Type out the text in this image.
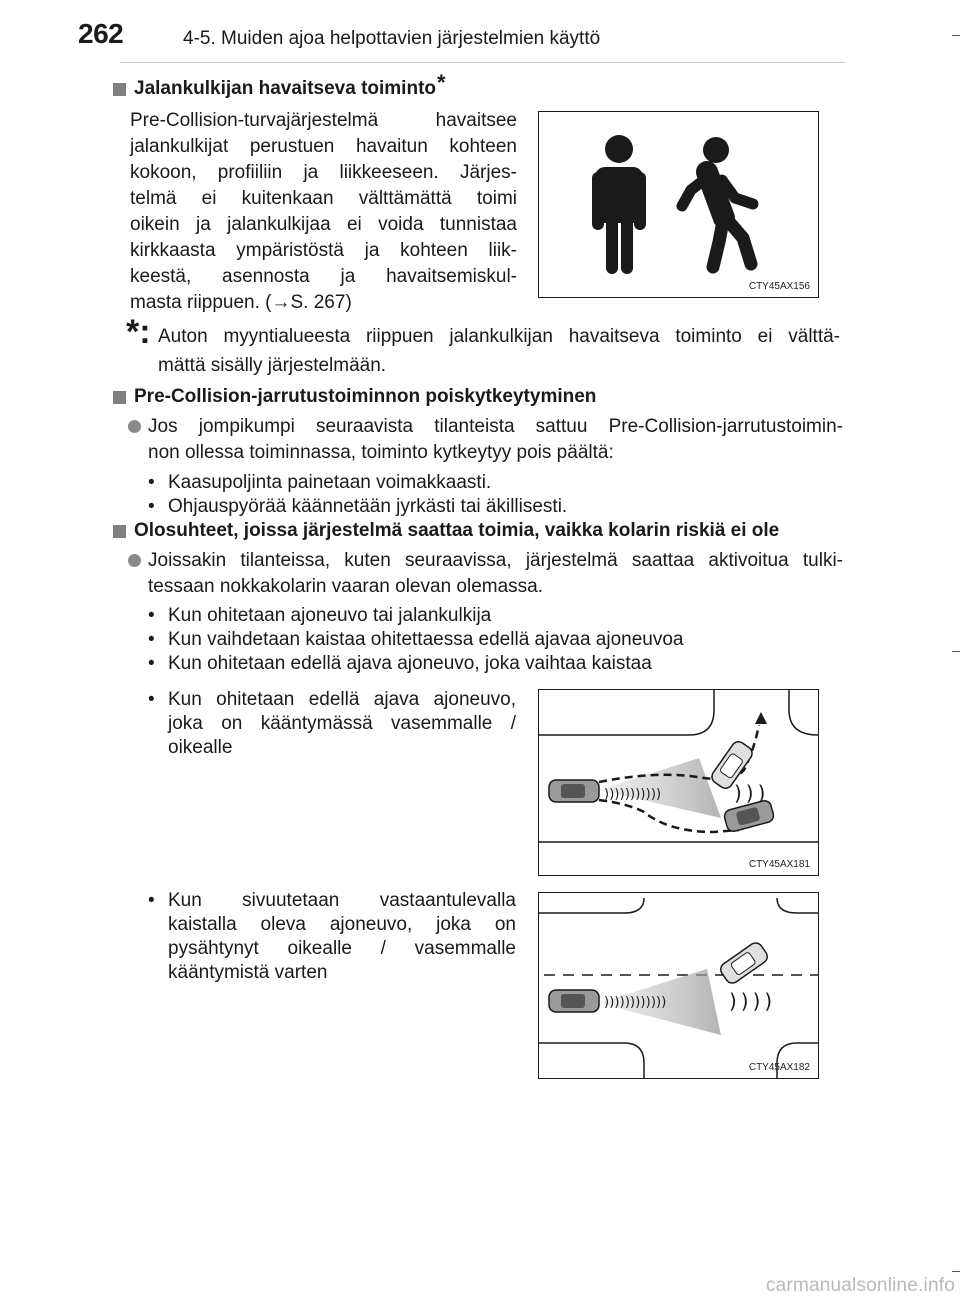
262	4-5. Muiden ajoa helpottavien järjestelmien käyttö
Jalankulkijan havaitseva toiminto *
Pre-Collision-turvajärjestelmä havaitsee
jalankulkijat perustuen havaitun kohteen
kokoon, profiiliin ja liikkeeseen. Järjes-
telmä ei kuitenkaan välttämättä toimi
oikein ja jalankulkijaa ei voida tunnistaa
kirkkaasta ympäristöstä ja kohteen liik-
keestä, asennosta ja havaitsemiskul-
masta riippuen. (→S. 267)
CTY45AX156
*: Auton myyntialueesta riippuen jalankulkijan havaitseva toiminto ei välttä-
mättä sisälly järjestelmään.
Pre-Collision-jarrutustoiminnon poiskytkeytyminen
Jos jompikumpi seuraavista tilanteista sattuu Pre-Collision-jarrutustoimin-
non ollessa toiminnassa, toiminto kytkeytyy pois päältä:
• Kaasupoljinta painetaan voimakkaasti.
• Ohjauspyörää käännetään jyrkästi tai äkillisesti.
Olosuhteet, joissa järjestelmä saattaa toimia, vaikka kolarin riskiä ei ole
Joissakin tilanteissa, kuten seuraavissa, järjestelmä saattaa aktivoitua tulki-
tessaan nokkakolarin vaaran olevan olemassa.
• Kun ohitetaan ajoneuvo tai jalankulkija
• Kun vaihdetaan kaistaa ohitettaessa edellä ajavaa ajoneuvoa
• Kun ohitetaan edellä ajava ajoneuvo, joka vaihtaa kaistaa
• Kun ohitetaan edellä ajava ajoneuvo,
joka on kääntymässä vasemmalle /
oikealle
) ) ) ) ) ) ) ) ) ) )	)))
CTY45AX181
• Kun sivuutetaan vastaantulevalla
kaistalla oleva ajoneuvo, joka on
pysähtynyt oikealle / vasemmalle
kääntymistä varten
) ) ) ) ) ) ) ) ) ) ) )	))))
CTY45AX182
carmanualsonline.info
